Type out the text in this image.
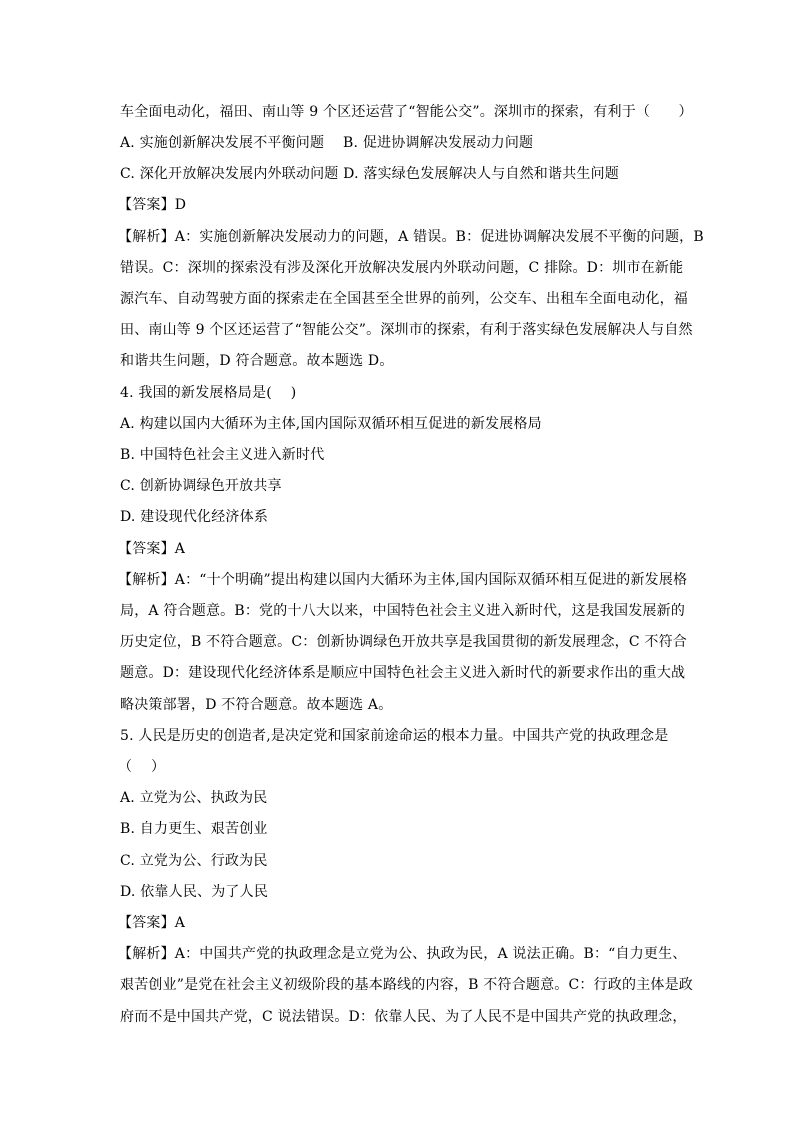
车全面电动化，福田、南山等 9 个区还运营了“智能公交”。深圳市的探索，有利于（　　）
A. 实施创新解决发展不平衡问题　 B. 促进协调解决发展动力问题
C. 深化开放解决发展内外联动问题 D. 落实绿色发展解决人与自然和谐共生问题
【答案】D
【解析】A：实施创新解决发展动力的问题，A 错误。B：促进协调解决发展不平衡的问题，B
错误。C：深圳的探索没有涉及深化开放解决发展内外联动问题，C 排除。D：圳市在新能
源汽车、自动驾驶方面的探索走在全国甚至全世界的前列，公交车、出租车全面电动化，福
田、南山等 9 个区还运营了“智能公交”。深圳市的探索，有利于落实绿色发展解决人与自然
和谐共生问题，D 符合题意。故本题选 D。
4. 我国的新发展格局是(　 )
A. 构建以国内大循环为主体,国内国际双循环相互促进的新发展格局
B. 中国特色社会主义进入新时代
C. 创新协调绿色开放共享
D. 建设现代化经济体系
【答案】A
【解析】A：“十个明确”提出构建以国内大循环为主体,国内国际双循环相互促进的新发展格
局，A 符合题意。B：党的十八大以来，中国特色社会主义进入新时代，这是我国发展新的
历史定位，B 不符合题意。C：创新协调绿色开放共享是我国贯彻的新发展理念，C 不符合
题意。D：建设现代化经济体系是顺应中国特色社会主义进入新时代的新要求作出的重大战
略决策部署，D 不符合题意。故本题选 A。
5. 人民是历史的创造者,是决定党和国家前途命运的根本力量。中国共产党的执政理念是
（　 ）
A. 立党为公、执政为民
B. 自力更生、艰苦创业
C. 立党为公、行政为民
D. 依靠人民、为了人民
【答案】A
【解析】A：中国共产党的执政理念是立党为公、执政为民，A 说法正确。B：“自力更生、
艰苦创业”是党在社会主义初级阶段的基本路线的内容，B 不符合题意。C：行政的主体是政
府而不是中国共产党，C 说法错误。D：依靠人民、为了人民不是中国共产党的执政理念，
